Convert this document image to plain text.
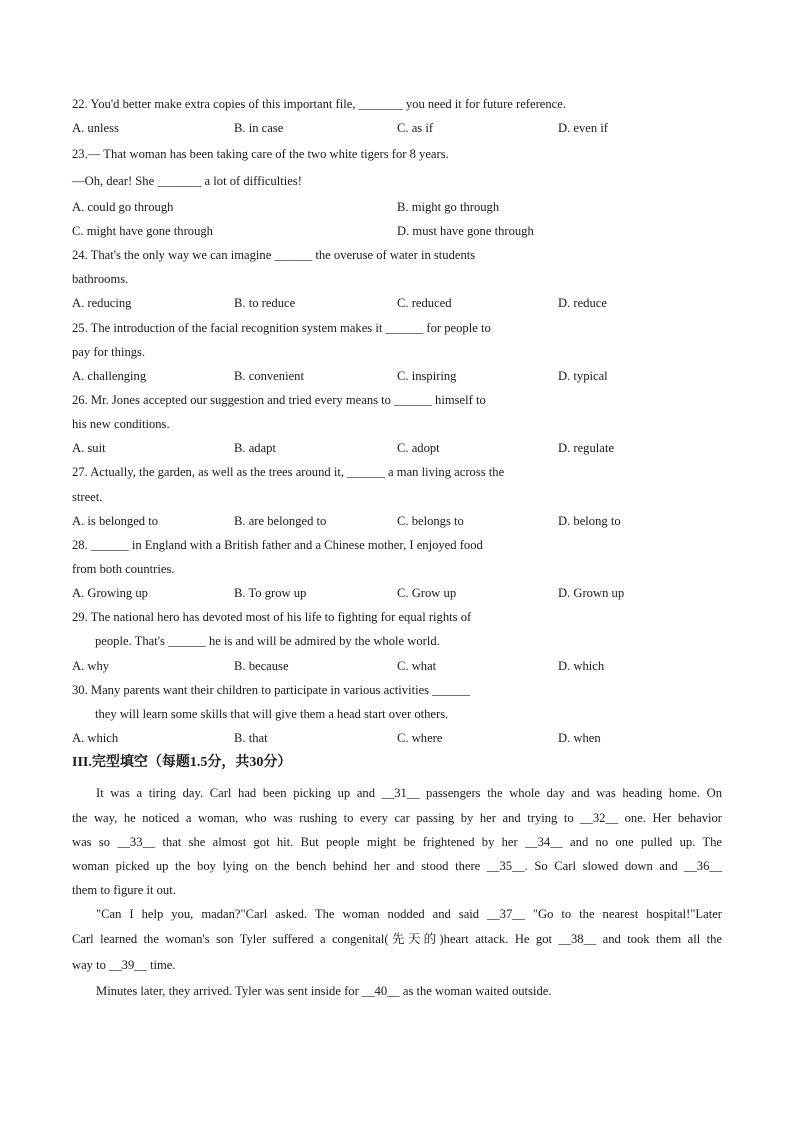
22. You'd better make extra copies of this important file, _______ you need it for future reference.
A. unless	B. in case	C. as if	D. even if
23.— That woman has been taking care of the two white tigers for 8 years.
—Oh, dear! She _______ a lot of difficulties!
A. could go through	B. might go through
C. might have gone through	D. must have gone through
24. That's the only way we can imagine ______ the overuse of water in students
bathrooms.
A. reducing	B. to reduce	C. reduced	D. reduce
25. The introduction of the facial recognition system makes it ______ for people to
pay for things.
A. challenging	B. convenient	C. inspiring	D. typical
26. Mr. Jones accepted our suggestion and tried every means to ______ himself to
his new conditions.
A. suit	B. adapt	C. adopt	D. regulate
27. Actually, the garden, as well as the trees around it, ______ a man living across the
street.
A. is belonged to	B. are belonged to	C. belongs to	D. belong to
28. ______ in England with a British father and a Chinese mother, I enjoyed food
from both countries.
A. Growing up	B. To grow up	C. Grow up	D. Grown up
29. The national hero has devoted most of his life to fighting for equal rights of
people. That's ______ he is and will be admired by the whole world.
A. why	B. because	C. what	D. which
30. Many parents want their children to participate in various activities ______
they will learn some skills that will give them a head start over others.
A. which	B. that	C. where	D. when
III.完型填空（每题1.5分，共30分）
It was a tiring day. Carl had been picking up and __31__ passengers the whole day and was heading home. On
the way, he noticed a woman, who was rushing to every car passing by her and trying to __32__ one. Her behavior
was so __33__ that she almost got hit. But people might be frightened by her __34__ and no one pulled up. The
woman picked up the boy lying on the bench behind her and stood there __35__. So Carl slowed down and __36__
them to figure it out.
"Can I help you, madan?"Carl asked. The woman nodded and said __37__ "Go to the nearest hospital!"Later
Carl learned the woman's son Tyler suffered a congenital(先天的)heart attack. He got __38__ and took them all the
way to __39__ time.
Minutes later, they arrived. Tyler was sent inside for __40__ as the woman waited outside.
